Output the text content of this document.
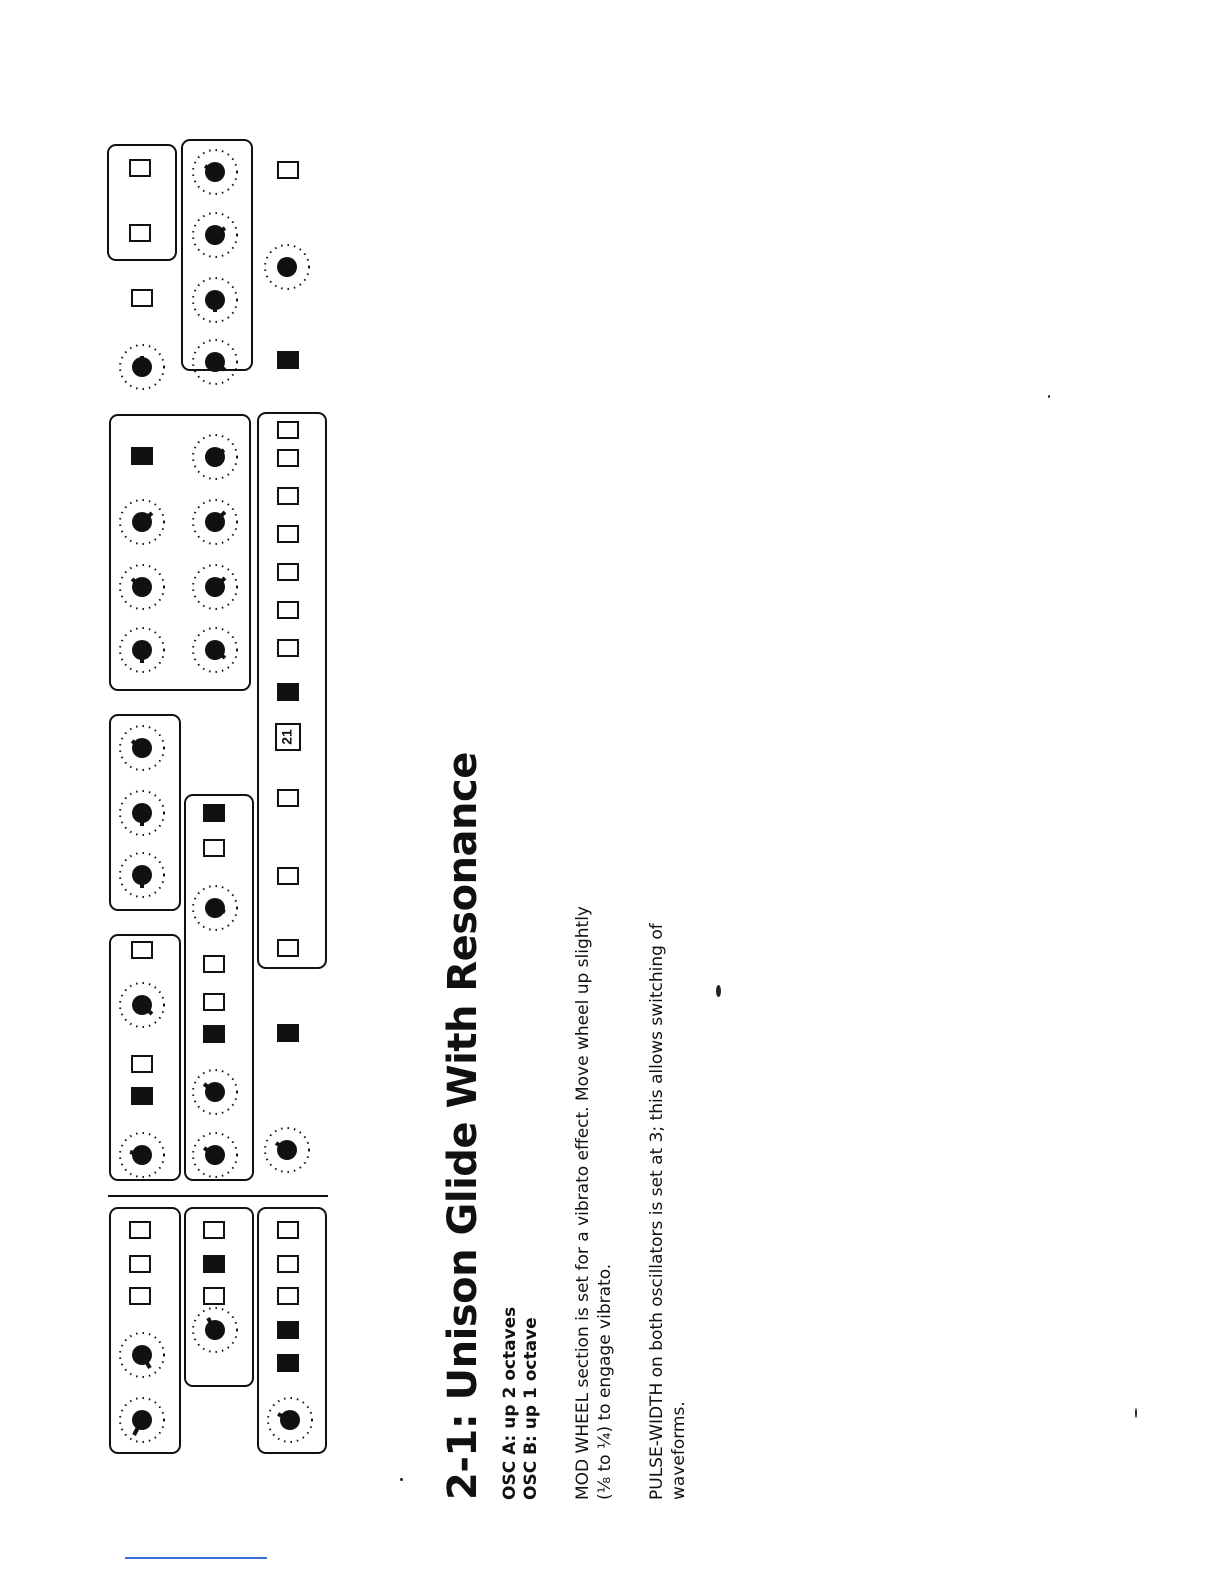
21
2-1: Unison Glide With Resonance OSC A: up 2 octaves OSC B: up 1 octave MOD WHEEL section is set for a vibrato effect. Move wheel up slightly (⅛ to ¼) to engage vibrato. PULSE-WIDTH on both oscillators is set at 3; this allows switching of waveforms.
